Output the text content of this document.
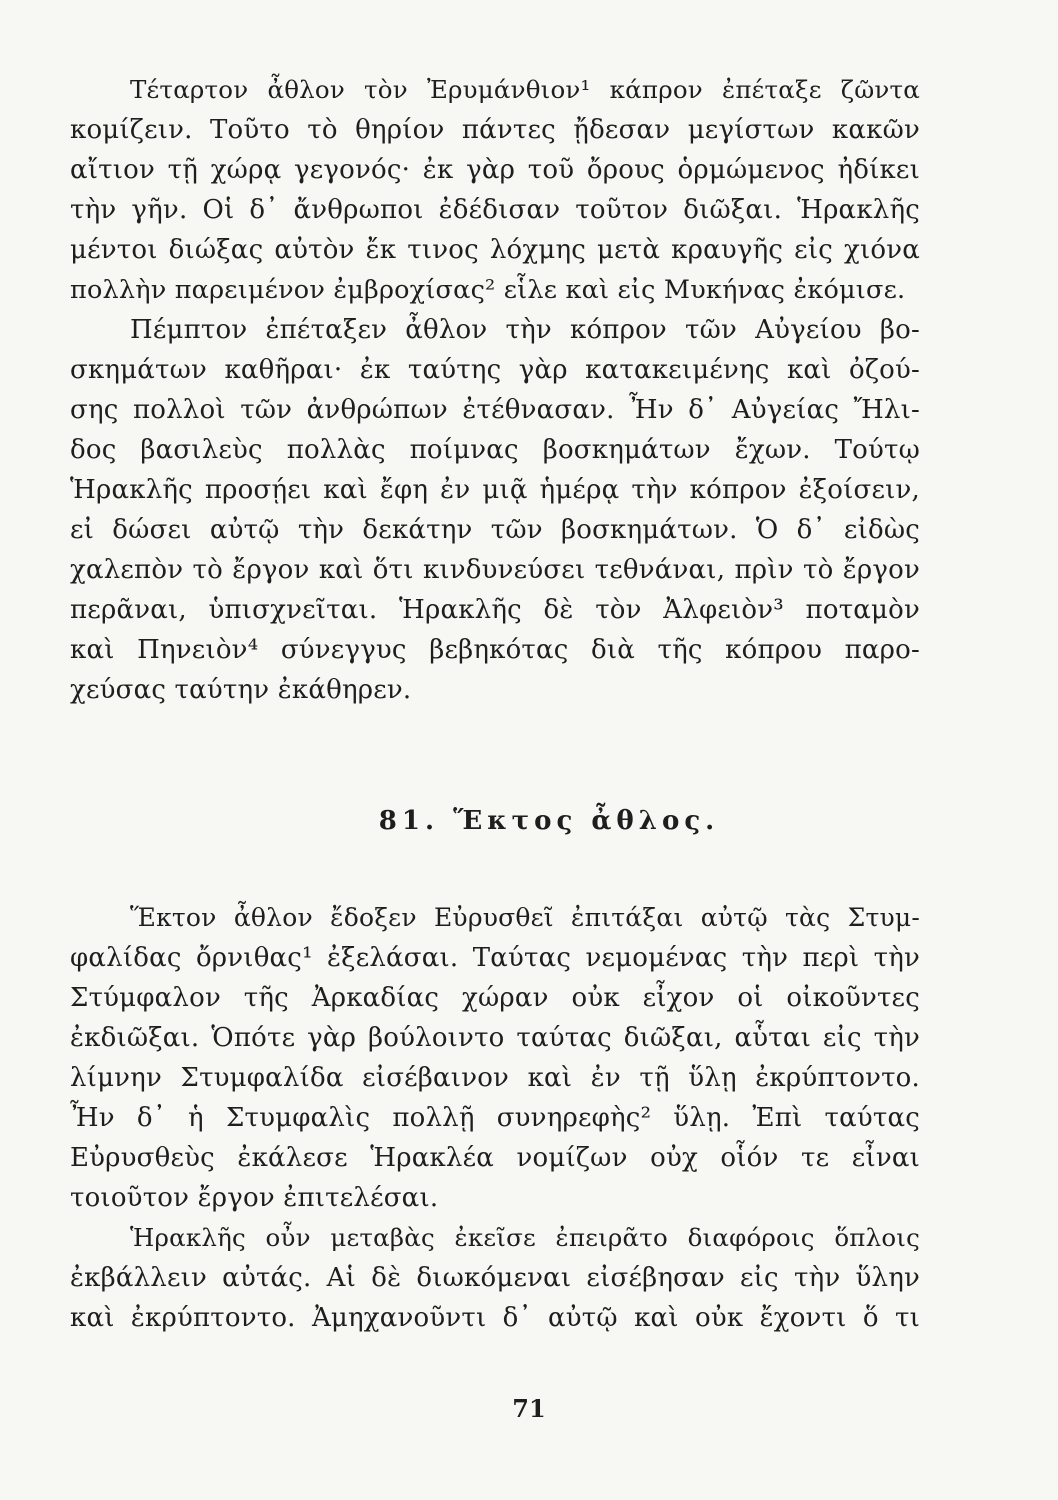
Τέταρτον ἆθλον τὸν Ἐρυμάνθιον¹ κάπρον ἐπέταξε ζῶντα
κομίζειν. Τοῦτο τὸ θηρίον πάντες ᾔδεσαν μεγίστων κακῶν
αἴτιον τῇ χώρᾳ γεγονός· ἐκ γὰρ τοῦ ὄρους ὁρμώμενος ἠδίκει
τὴν γῆν. Οἱ δ᾽ ἄνθρωποι ἐδέδισαν τοῦτον διῶξαι. Ἡρακλῆς
μέντοι διώξας αὐτὸν ἔκ τινος λόχμης μετὰ κραυγῆς εἰς χιόνα
πολλὴν παρειμένον ἐμβροχίσας² εἷλε καὶ εἰς Μυκήνας ἐκόμισε.
Πέμπτον ἐπέταξεν ἆθλον τὴν κόπρον τῶν Αὐγείου βο-
σκημάτων καθῆραι· ἐκ ταύτης γὰρ κατακειμένης καὶ ὀζού-
σης πολλοὶ τῶν ἀνθρώπων ἐτέθνασαν. Ἦν δ᾽ Αὐγείας Ἤλι-
δος βασιλεὺς πολλὰς ποίμνας βοσκημάτων ἔχων. Τούτῳ
Ἡρακλῆς προσῄει καὶ ἔφη ἐν μιᾷ ἡμέρᾳ τὴν κόπρον ἐξοίσειν,
εἰ δώσει αὐτῷ τὴν δεκάτην τῶν βοσκημάτων. Ὁ δ᾽ εἰδὼς
χαλεπὸν τὸ ἔργον καὶ ὅτι κινδυνεύσει τεθνάναι, πρὶν τὸ ἔργον
περᾶναι, ὑπισχνεῖται. Ἡρακλῆς δὲ τὸν Ἀλφειὸν³ ποταμὸν
καὶ Πηνειὸν⁴ σύνεγγυς βεβηκότας διὰ τῆς κόπρου παρο-
χεύσας ταύτην ἐκάθηρεν.
81. Ἕκτος ἆθλος.
Ἕκτον ἆθλον ἔδοξεν Εὐρυσθεῖ ἐπιτάξαι αὐτῷ τὰς Στυμ-
φαλίδας ὄρνιθας¹ ἐξελάσαι. Ταύτας νεμομένας τὴν περὶ τὴν
Στύμφαλον τῆς Ἀρκαδίας χώραν οὐκ εἶχον οἱ οἰκοῦντες
ἐκδιῶξαι. Ὁπότε γὰρ βούλοιντο ταύτας διῶξαι, αὗται εἰς τὴν
λίμνην Στυμφαλίδα εἰσέβαινον καὶ ἐν τῇ ὕλῃ ἐκρύπτοντο.
Ἦν δ᾽ ἡ Στυμφαλὶς πολλῇ συνηρεφὴς² ὕλῃ. Ἐπὶ ταύτας
Εὐρυσθεὺς ἐκάλεσε Ἡρακλέα νομίζων οὐχ οἷόν τε εἶναι
τοιοῦτον ἔργον ἐπιτελέσαι.
Ἡρακλῆς οὖν μεταβὰς ἐκεῖσε ἐπειρᾶτο διαφόροις ὅπλοις
ἐκβάλλειν αὐτάς. Αἱ δὲ διωκόμεναι εἰσέβησαν εἰς τὴν ὕλην
καὶ ἐκρύπτοντο. Ἀμηχανοῦντι δ᾽ αὐτῷ καὶ οὐκ ἔχοντι ὅ τι
71
